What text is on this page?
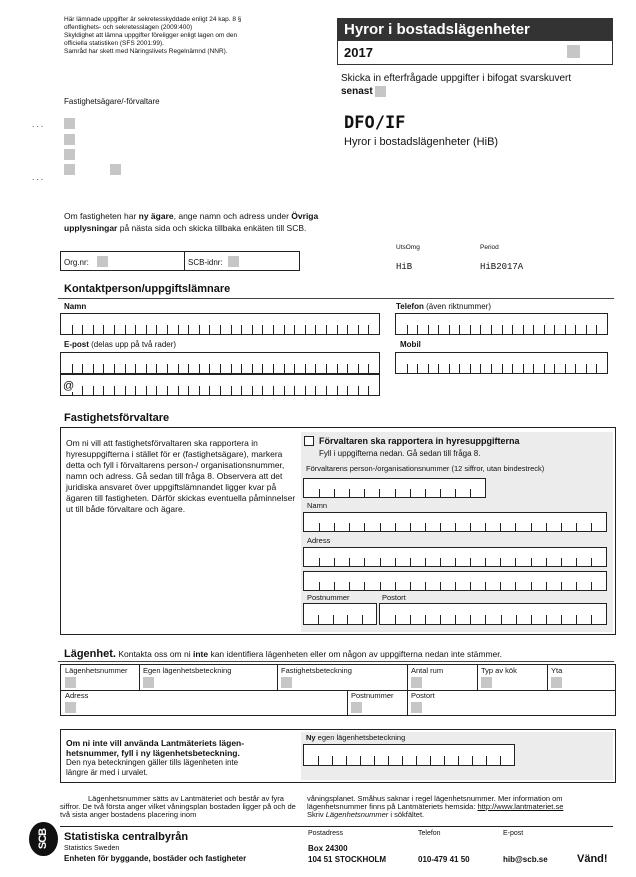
Här lämnade uppgifter är sekretesskyddade enligt 24 kap. 8 §
offentlighets- och sekretesslagen (2009:400)
Skyldighet att lämna uppgifter föreligger enligt lagen om den
officiella statistiken (SFS 2001:99).
Samråd har skett med Näringslivets Regelnämnd (NNR).
Hyror i bostadslägenheter
2017
Skicka in efterfrågade uppgifter i bifogat svarskuvert
senast
Fastighetsägare/-förvaltare
. . .
. . .
DFO/IF
Hyror i bostadslägenheter (HiB)
Om fastigheten har ny ägare, ange namn och adress under Övriga upplysningar på nästa sida och skicka tillbaka enkäten till SCB.
Org.nr:	SCB-idnr:
UtsOmg	Period
HiB	HiB2017A
Kontaktperson/uppgiftslämnare
Namn	Telefon (även riktnummer)
E-post (delas upp på två rader)
@
Mobil
Fastighetsförvaltare
Om ni vill att fastighetsförvaltaren ska rapportera in hyresuppgifterna i stället för er (fastighetsägare), markera detta och fyll i förvaltarens person-/ organisationsnummer, namn och adress. Gå sedan till fråga 8. Observera att det juridiska ansvaret över uppgiftslämnandet ligger kvar på ägaren till fastigheten. Därför skickas eventuella påminnelser ut till både förvaltare och ägare.
Förvaltaren ska rapportera in hyresuppgifterna
Fyll i uppgifterna nedan. Gå sedan till fråga 8.
Förvaltarens person-/organisationsnummer (12 siffror, utan bindestreck)
Namn
Adress
Postnummer	Postort
Lägenhet. Kontakta oss om ni inte kan identifiera lägenheten eller om någon av uppgifterna nedan inte stämmer.
Lägenhetsnummer Egen lägenhetsbeteckning	Fastighetsbeteckning	Antal rum	Typ av kök	Yta
Adress	Postnummer Postort
Om ni inte vill använda Lantmäteriets lägen-
hetsnummer, fyll i ny lägenhetsbeteckning.
Den nya beteckningen gäller tills lägenheten inte
längre är med i urvalet.
Ny egen lägenhetsbeteckning
Lägenhetsnummer sätts av Lantmäteriet och består av fyra siffror. De två första anger vilket våningsplan bostaden ligger på och de två sista anger bostadens placering inom
våningsplanet. Småhus saknar i regel lägenhetsnummer. Mer information om
lägenhetsnummer finns på Lantmäteriets hemsida: http://www.lantmateriet.se
Skriv Lägenhetsnummer i sökfältet.
SCB Statistiska centralbyrån
Statistics Sweden
Enheten för byggande, bostäder och fastigheter
Postadress
Box 24300
104 51 STOCKHOLM
Telefon
010-479 41 50
E-post
hib@scb.se	Vänd!
